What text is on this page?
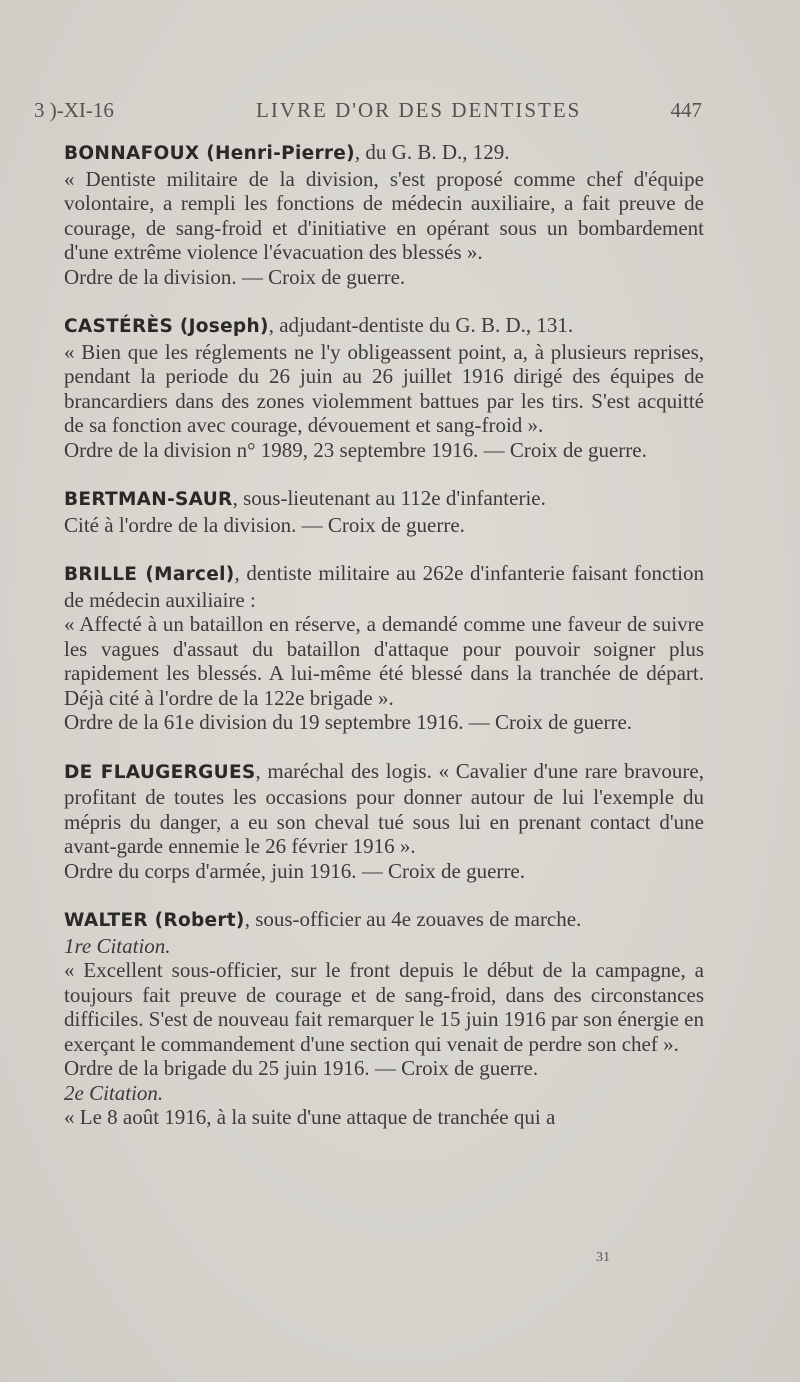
3 )-XI-16	LIVRE D'OR DES DENTISTES	447

BONNAFOUX (Henri-Pierre), du G. B. D., 129.

« Dentiste militaire de la division, s'est proposé comme chef d'équipe volontaire, a rempli les fonctions de médecin auxiliaire, a fait preuve de courage, de sang-froid et d'initiative en opérant sous un bombardement d'une extrême violence l'évacuation des blessés ».

Ordre de la division. — Croix de guerre.

CASTÉRÈS (Joseph), adjudant-dentiste du G. B. D., 131.

« Bien que les réglements ne l'y obligeassent point, a, à plusieurs reprises, pendant la periode du 26 juin au 26 juillet 1916 dirigé des équipes de brancardiers dans des zones violemment battues par les tirs. S'est acquitté de sa fonction avec courage, dévouement et sang-froid ».

Ordre de la division n° 1989, 23 septembre 1916. — Croix de guerre.

BERTMAN-SAUR, sous-lieutenant au 112e d'infanterie.

Cité à l'ordre de la division. — Croix de guerre.

BRILLE (Marcel), dentiste militaire au 262e d'infanterie faisant fonction de médecin auxiliaire :

« Affecté à un bataillon en réserve, a demandé comme une faveur de suivre les vagues d'assaut du bataillon d'attaque pour pouvoir soigner plus rapidement les blessés. A lui-même été blessé dans la tranchée de départ. Déjà cité à l'ordre de la 122e brigade ».

Ordre de la 61e division du 19 septembre 1916. — Croix de guerre.

DE FLAUGERGUES, maréchal des logis. « Cavalier d'une rare bravoure, profitant de toutes les occasions pour donner autour de lui l'exemple du mépris du danger, a eu son cheval tué sous lui en prenant contact d'une avant-garde ennemie le 26 février 1916 ».

Ordre du corps d'armée, juin 1916. — Croix de guerre.

WALTER (Robert), sous-officier au 4e zouaves de marche.

1re Citation.

« Excellent sous-officier, sur le front depuis le début de la campagne, a toujours fait preuve de courage et de sang-froid, dans des circonstances difficiles. S'est de nouveau fait remarquer le 15 juin 1916 par son énergie en exerçant le commandement d'une section qui venait de perdre son chef ».

Ordre de la brigade du 25 juin 1916. — Croix de guerre.

2e Citation.

« Le 8 août 1916, à la suite d'une attaque de tranchée qui a

31
